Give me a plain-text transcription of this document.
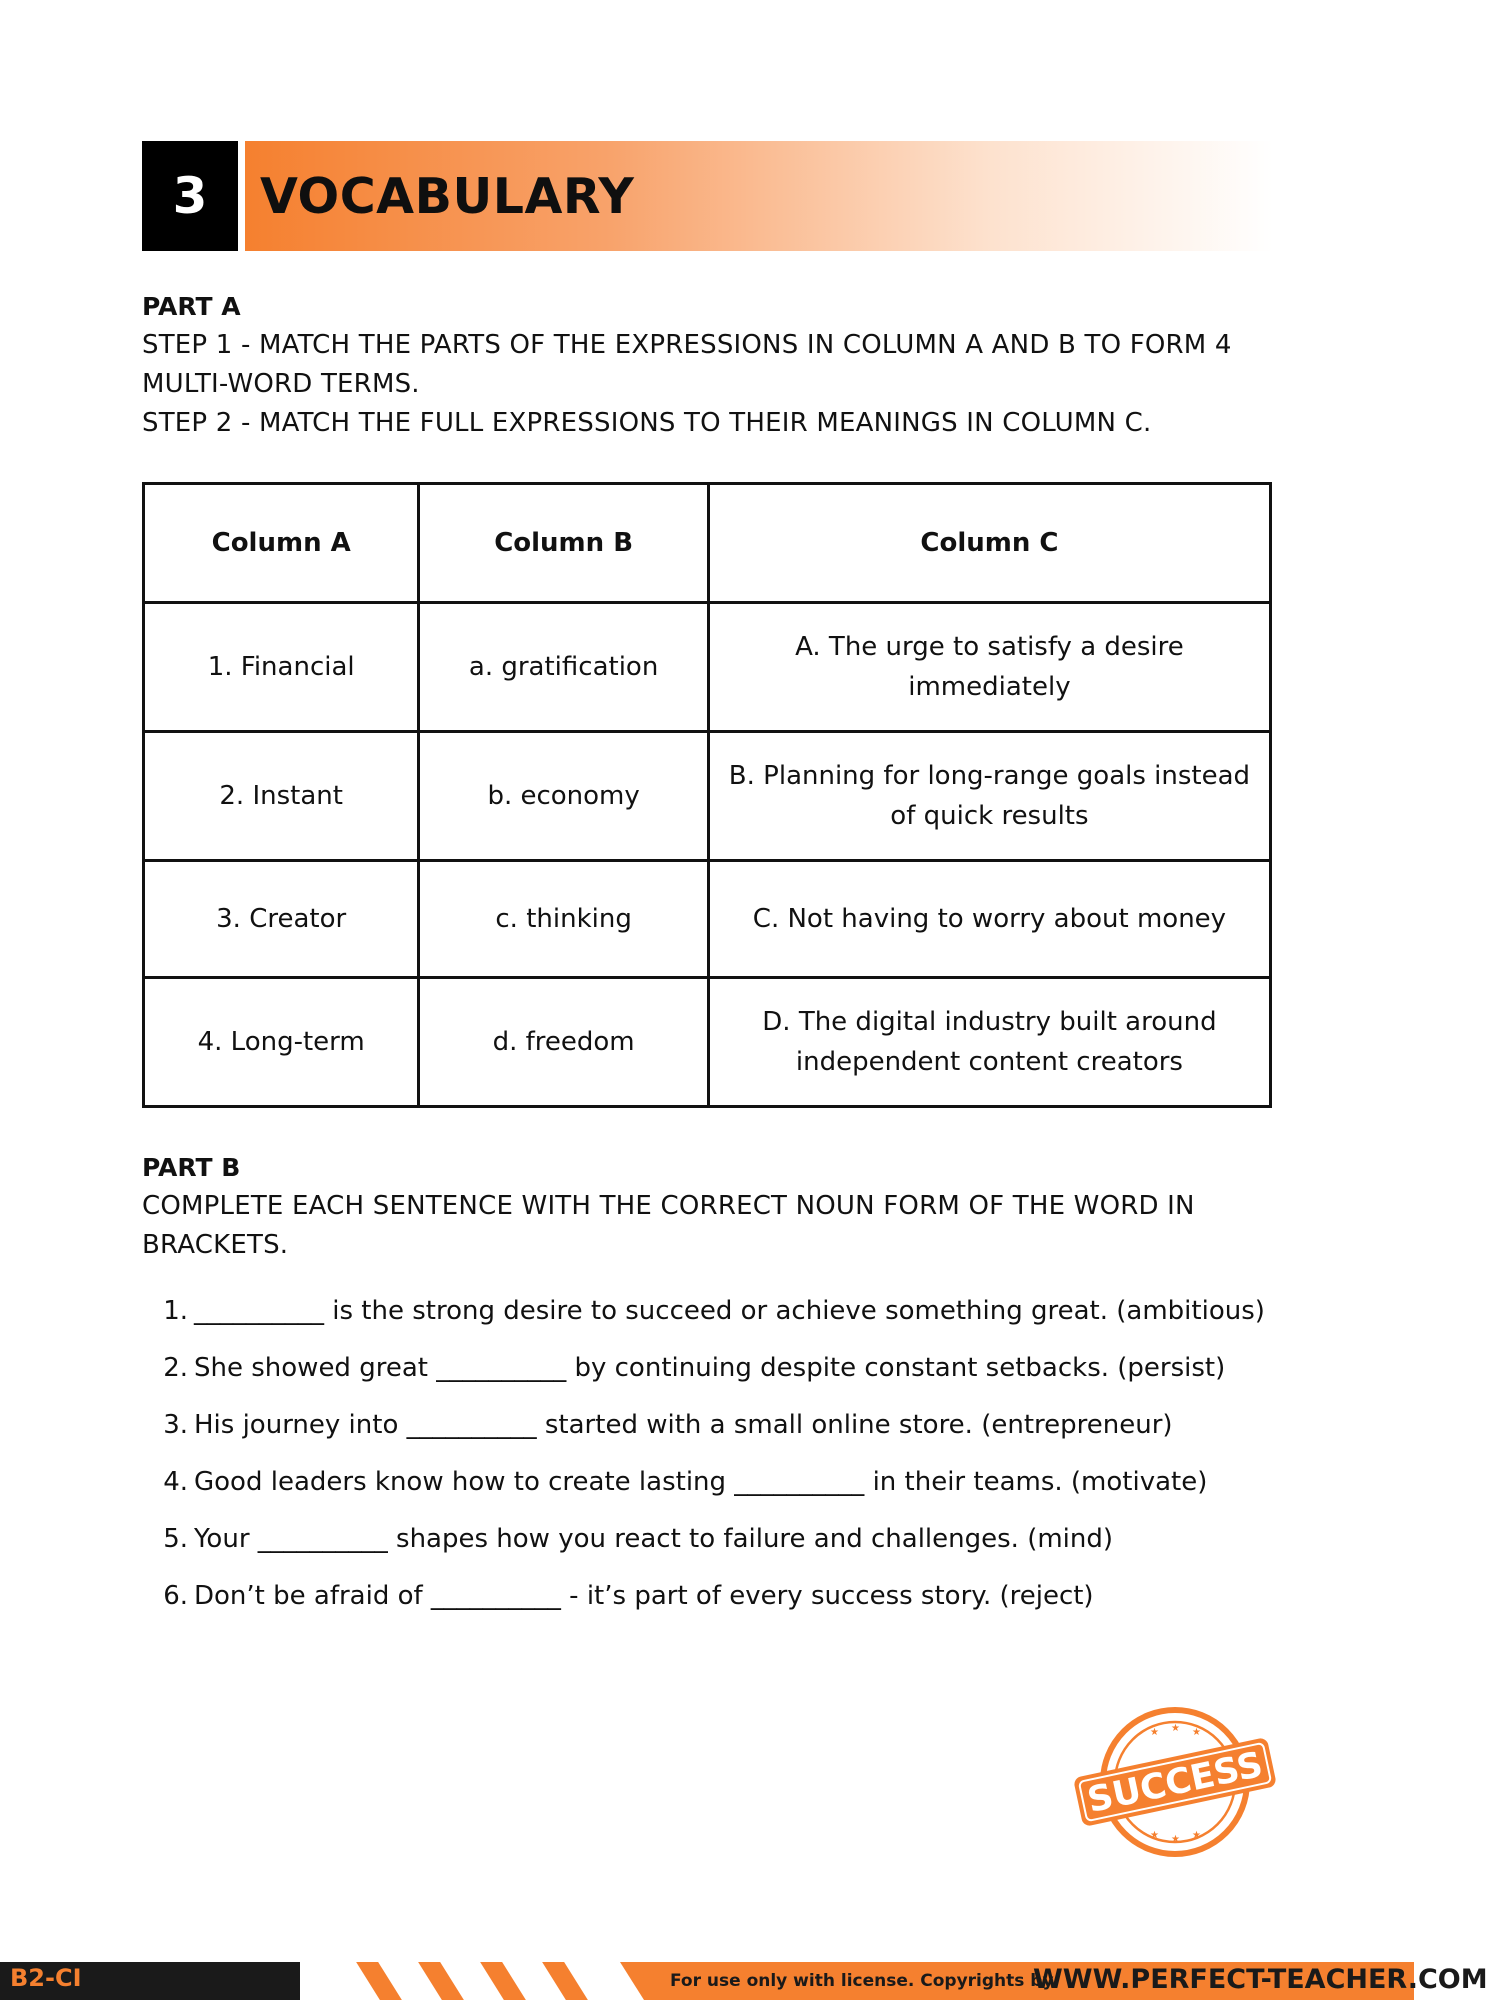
3	VOCABULARY
PART A
STEP 1 - MATCH THE PARTS OF THE EXPRESSIONS IN COLUMN A AND B TO FORM 4
MULTI-WORD TERMS.
STEP 2 - MATCH THE FULL EXPRESSIONS TO THEIR MEANINGS IN COLUMN C.
Column A	Column B	Column C
1. Financial	a. gratification	A. The urge to satisfy a desire immediately
2. Instant	b. economy	B. Planning for long-range goals instead of quick results
3. Creator	c. thinking	C. Not having to worry about money
4. Long-term	d. freedom	D. The digital industry built around independent content creators
PART B
COMPLETE EACH SENTENCE WITH THE CORRECT NOUN FORM OF THE WORD IN
BRACKETS.
1. __________ is the strong desire to succeed or achieve something great. (ambitious)
2. She showed great __________ by continuing despite constant setbacks. (persist)
3. His journey into __________ started with a small online store. (entrepreneur)
4. Good leaders know how to create lasting __________ in their teams. (motivate)
5. Your __________ shapes how you react to failure and challenges. (mind)
6. Don’t be afraid of __________ - it’s part of every success story. (reject)
★ ★ ★
★ ★ ★
SUCCESS
B2-CI	For use only with license. Copyrights by
WWW.PERFECT-TEACHER.COM
